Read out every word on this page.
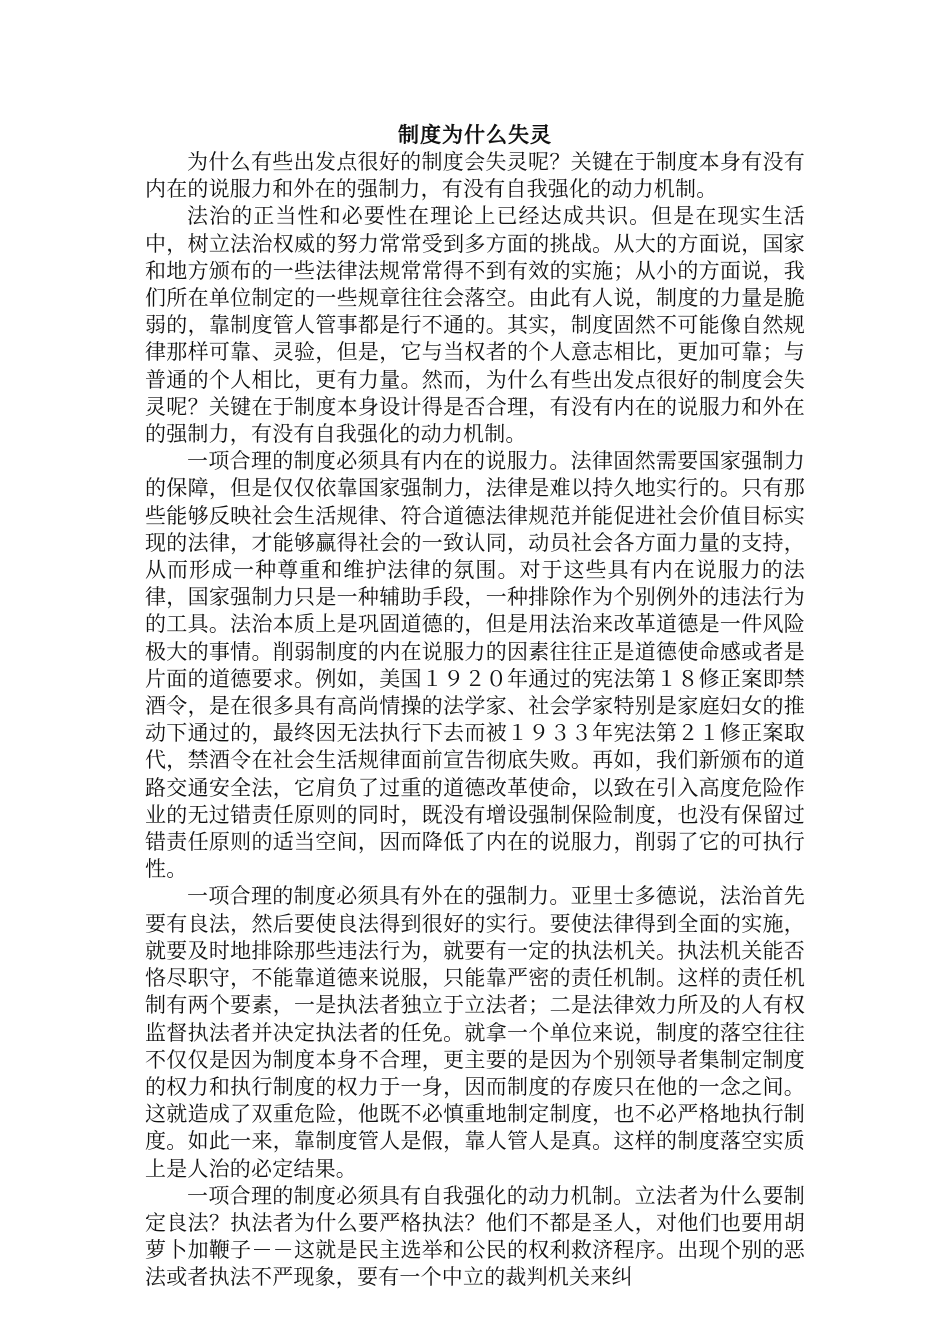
制度为什么失灵

为什么有些出发点很好的制度会失灵呢？关键在于制度本身有没有内在的说服力和外在的强制力，有没有自我强化的动力机制。

法治的正当性和必要性在理论上已经达成共识。但是在现实生活中，树立法治权威的努力常常受到多方面的挑战。从大的方面说，国家和地方颁布的一些法律法规常常得不到有效的实施；从小的方面说，我们所在单位制定的一些规章往往会落空。由此有人说，制度的力量是脆弱的，靠制度管人管事都是行不通的。其实，制度固然不可能像自然规律那样可靠、灵验，但是，它与当权者的个人意志相比，更加可靠；与普通的个人相比，更有力量。然而，为什么有些出发点很好的制度会失灵呢？关键在于制度本身设计得是否合理，有没有内在的说服力和外在的强制力，有没有自我强化的动力机制。

一项合理的制度必须具有内在的说服力。法律固然需要国家强制力的保障，但是仅仅依靠国家强制力，法律是难以持久地实行的。只有那些能够反映社会生活规律、符合道德法律规范并能促进社会价值目标实现的法律，才能够赢得社会的一致认同，动员社会各方面力量的支持，从而形成一种尊重和维护法律的氛围。对于这些具有内在说服力的法律，国家强制力只是一种辅助手段，一种排除作为个别例外的违法行为的工具。法治本质上是巩固道德的，但是用法治来改革道德是一件风险极大的事情。削弱制度的内在说服力的因素往往正是道德使命感或者是片面的道德要求。例如，美国１９２０年通过的宪法第１８修正案即禁酒令，是在很多具有高尚情操的法学家、社会学家特别是家庭妇女的推动下通过的，最终因无法执行下去而被１９３３年宪法第２１修正案取代，禁酒令在社会生活规律面前宣告彻底失败。再如，我们新颁布的道路交通安全法，它肩负了过重的道德改革使命，以致在引入高度危险作业的无过错责任原则的同时，既没有增设强制保险制度，也没有保留过错责任原则的适当空间，因而降低了内在的说服力，削弱了它的可执行性。

一项合理的制度必须具有外在的强制力。亚里士多德说，法治首先要有良法，然后要使良法得到很好的实行。要使法律得到全面的实施，就要及时地排除那些违法行为，就要有一定的执法机关。执法机关能否恪尽职守，不能靠道德来说服，只能靠严密的责任机制。这样的责任机制有两个要素，一是执法者独立于立法者；二是法律效力所及的人有权监督执法者并决定执法者的任免。就拿一个单位来说，制度的落空往往不仅仅是因为制度本身不合理，更主要的是因为个别领导者集制定制度的权力和执行制度的权力于一身，因而制度的存废只在他的一念之间。这就造成了双重危险，他既不必慎重地制定制度，也不必严格地执行制度。如此一来，靠制度管人是假，靠人管人是真。这样的制度落空实质上是人治的必定结果。

一项合理的制度必须具有自我强化的动力机制。立法者为什么要制定良法？执法者为什么要严格执法？他们不都是圣人，对他们也要用胡萝卜加鞭子－－这就是民主选举和公民的权利救济程序。出现个别的恶法或者执法不严现象，要有一个中立的裁判机关来纠
